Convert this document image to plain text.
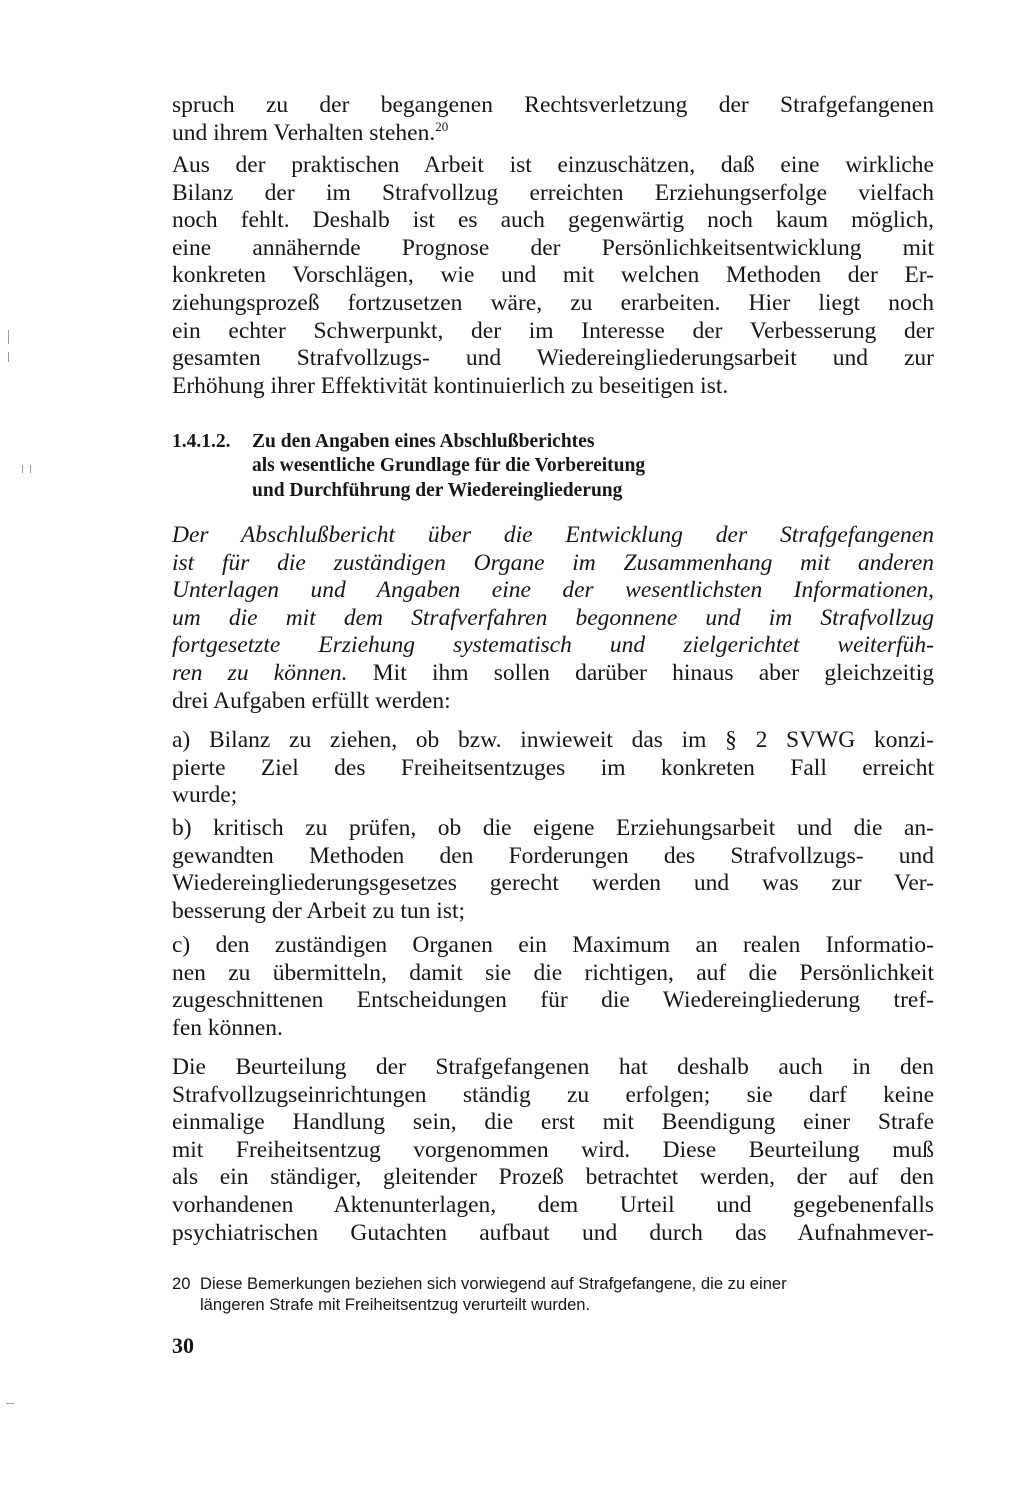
spruch zu der begangenen Rechtsverletzung der Strafgefangenen
und ihrem Verhalten stehen.$^{20}$
Aus der praktischen Arbeit ist einzuschätzen, daß eine wirkliche
Bilanz der im Strafvollzug erreichten Erziehungserfolge vielfach
noch fehlt. Deshalb ist es auch gegenwärtig noch kaum möglich,
eine annähernde Prognose der Persönlichkeitsentwicklung mit
konkreten Vorschlägen, wie und mit welchen Methoden der Er-
ziehungsprozeß fortzusetzen wäre, zu erarbeiten. Hier liegt noch
ein echter Schwerpunkt, der im Interesse der Verbesserung der
gesamten Strafvollzugs- und Wiedereingliederungsarbeit und zur
Erhöhung ihrer Effektivität kontinuierlich zu beseitigen ist.
1.4.1.2. Zu den Angaben eines Abschlußberichtes
als wesentliche Grundlage für die Vorbereitung
und Durchführung der Wiedereingliederung
Der Abschlußbericht über die Entwicklung der Strafgefangenen
ist für die zuständigen Organe im Zusammenhang mit anderen
Unterlagen und Angaben eine der wesentlichsten Informationen,
um die mit dem Strafverfahren begonnene und im Strafvollzug
fortgesetzte Erziehung systematisch und zielgerichtet weiterfüh-
ren zu können. Mit ihm sollen darüber hinaus aber gleichzeitig
drei Aufgaben erfüllt werden:
a) Bilanz zu ziehen, ob bzw. inwieweit das im § 2 SVWG konzi-
pierte Ziel des Freiheitsentzuges im konkreten Fall erreicht
wurde;
b) kritisch zu prüfen, ob die eigene Erziehungsarbeit und die an-
gewandten Methoden den Forderungen des Strafvollzugs- und
Wiedereingliederungsgesetzes gerecht werden und was zur Ver-
besserung der Arbeit zu tun ist;
c) den zuständigen Organen ein Maximum an realen Informatio-
nen zu übermitteln, damit sie die richtigen, auf die Persönlichkeit
zugeschnittenen Entscheidungen für die Wiedereingliederung tref-
fen können.
Die Beurteilung der Strafgefangenen hat deshalb auch in den
Strafvollzugseinrichtungen ständig zu erfolgen; sie darf keine
einmalige Handlung sein, die erst mit Beendigung einer Strafe
mit Freiheitsentzug vorgenommen wird. Diese Beurteilung muß
als ein ständiger, gleitender Prozeß betrachtet werden, der auf den
vorhandenen Aktenunterlagen, dem Urteil und gegebenenfalls
psychiatrischen Gutachten aufbaut und durch das Aufnahmever-
20 Diese Bemerkungen beziehen sich vorwiegend auf Strafgefangene, die zu einer
längeren Strafe mit Freiheitsentzug verurteilt wurden.
30
